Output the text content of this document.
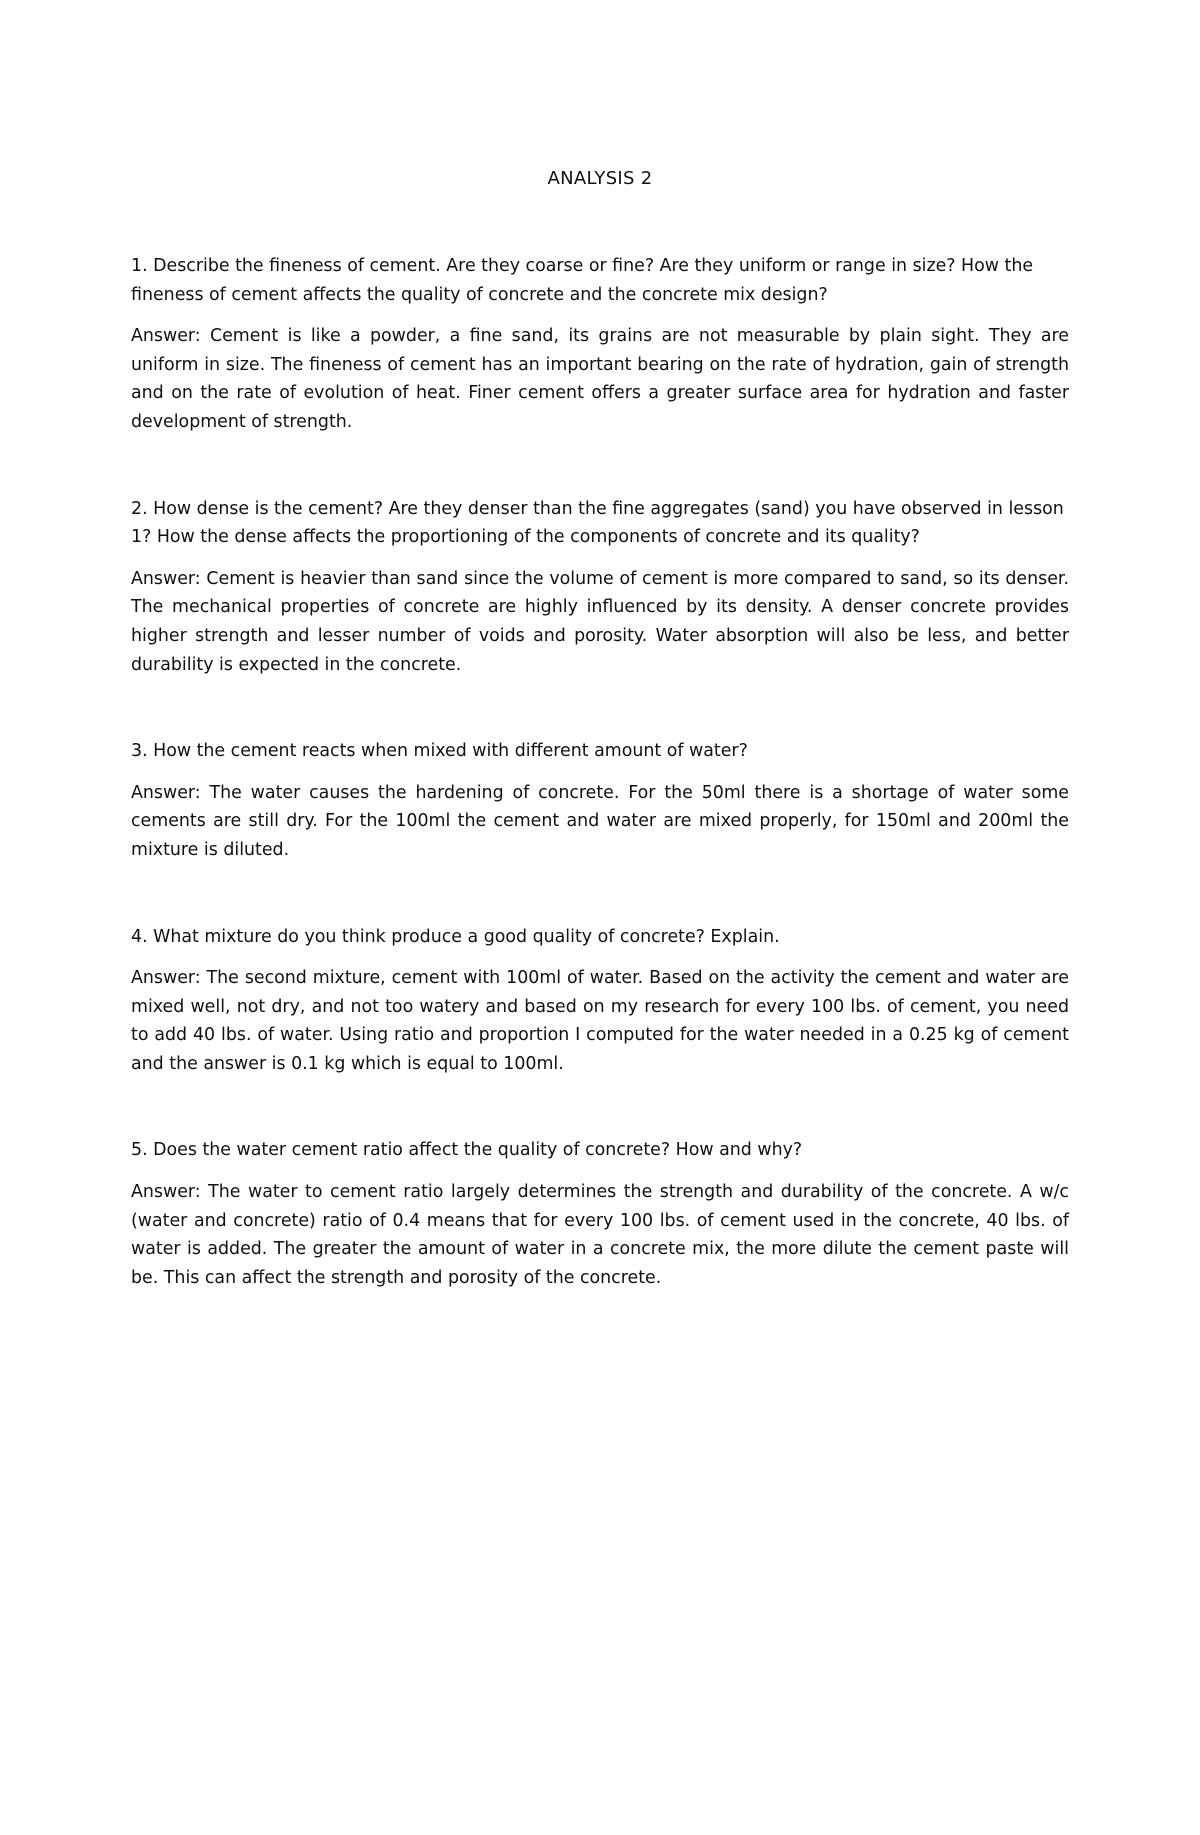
ANALYSIS 2

1. Describe the fineness of cement. Are they coarse or fine? Are they uniform or range in size? How the fineness of cement affects the quality of concrete and the concrete mix design?

Answer: Cement is like a powder, a fine sand, its grains are not measurable by plain sight. They are uniform in size. The fineness of cement has an important bearing on the rate of hydration, gain of strength and on the rate of evolution of heat. Finer cement offers a greater surface area for hydration and faster development of strength.

2. How dense is the cement? Are they denser than the fine aggregates (sand) you have observed in lesson 1? How the dense affects the proportioning of the components of concrete and its quality?

Answer: Cement is heavier than sand since the volume of cement is more compared to sand, so its denser. The mechanical properties of concrete are highly influenced by its density. A denser concrete provides higher strength and lesser number of voids and porosity. Water absorption will also be less, and better durability is expected in the concrete.

3. How the cement reacts when mixed with different amount of water?

Answer: The water causes the hardening of concrete. For the 50ml there is a shortage of water some cements are still dry. For the 100ml the cement and water are mixed properly, for 150ml and 200ml the mixture is diluted.

4. What mixture do you think produce a good quality of concrete? Explain.

Answer: The second mixture, cement with 100ml of water. Based on the activity the cement and water are mixed well, not dry, and not too watery and based on my research for every 100 lbs. of cement, you need to add 40 lbs. of water. Using ratio and proportion I computed for the water needed in a 0.25 kg of cement and the answer is 0.1 kg which is equal to 100ml.

5. Does the water cement ratio affect the quality of concrete? How and why?

Answer: The water to cement ratio largely determines the strength and durability of the concrete. A w/c (water and concrete) ratio of 0.4 means that for every 100 lbs. of cement used in the concrete, 40 lbs. of water is added. The greater the amount of water in a concrete mix, the more dilute the cement paste will be. This can affect the strength and porosity of the concrete.
